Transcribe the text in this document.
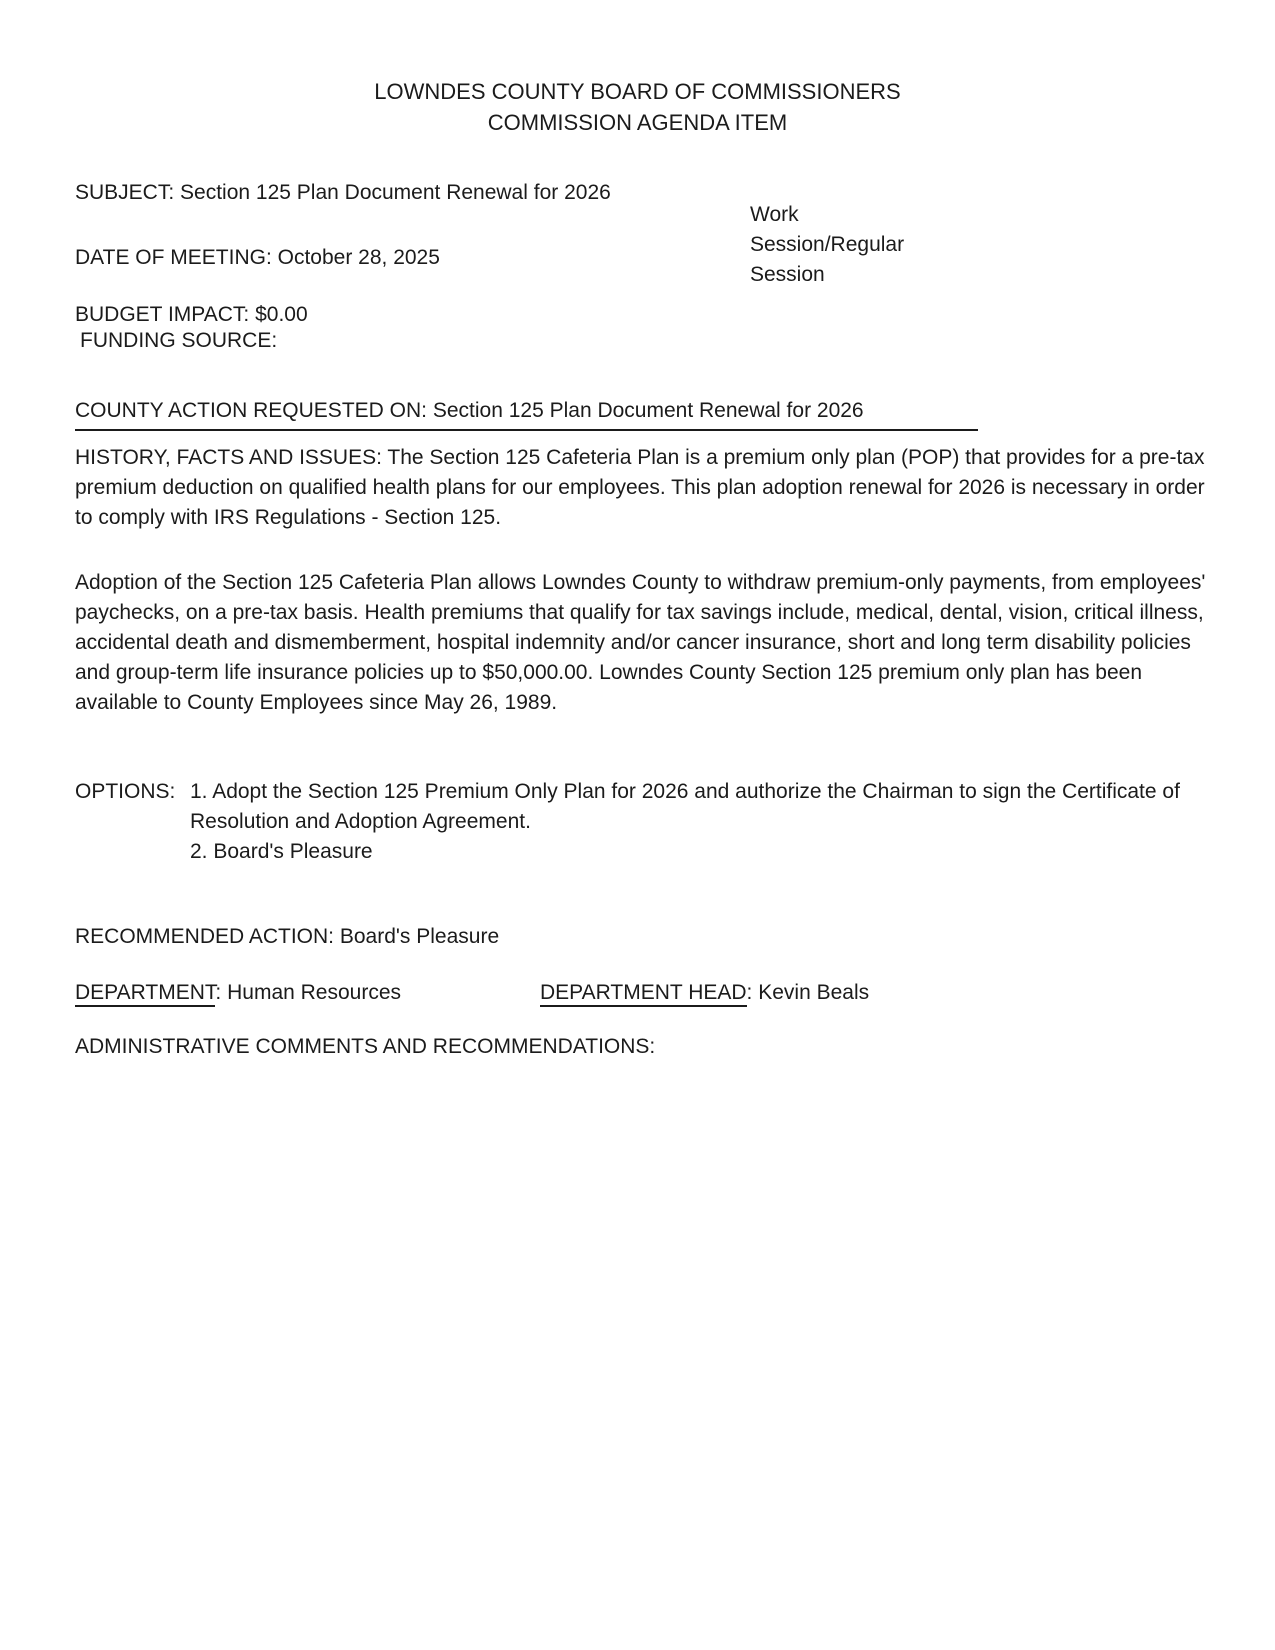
LOWNDES COUNTY BOARD OF COMMISSIONERS
COMMISSION AGENDA ITEM
SUBJECT: Section 125 Plan Document Renewal for 2026
Work
Session/Regular
Session
DATE OF MEETING: October 28, 2025
BUDGET IMPACT: $0.00
FUNDING SOURCE:
COUNTY ACTION REQUESTED ON: Section 125 Plan Document Renewal for 2026
HISTORY, FACTS AND ISSUES: The Section 125 Cafeteria Plan is a premium only plan (POP) that provides for a pre-tax premium deduction on qualified health plans for our employees. This plan adoption renewal for 2026 is necessary in order to comply with IRS Regulations - Section 125.
Adoption of the Section 125 Cafeteria Plan allows Lowndes County to withdraw premium-only payments, from employees' paychecks, on a pre-tax basis. Health premiums that qualify for tax savings include, medical, dental, vision, critical illness, accidental death and dismemberment, hospital indemnity and/or cancer insurance, short and long term disability policies and group-term life insurance policies up to $50,000.00. Lowndes County Section 125 premium only plan has been available to County Employees since May 26, 1989.
OPTIONS: 1. Adopt the Section 125 Premium Only Plan for 2026 and authorize the Chairman to sign the Certificate of Resolution and Adoption Agreement.
2. Board's Pleasure
RECOMMENDED ACTION: Board's Pleasure
DEPARTMENT: Human Resources	DEPARTMENT HEAD: Kevin Beals
ADMINISTRATIVE COMMENTS AND RECOMMENDATIONS:
